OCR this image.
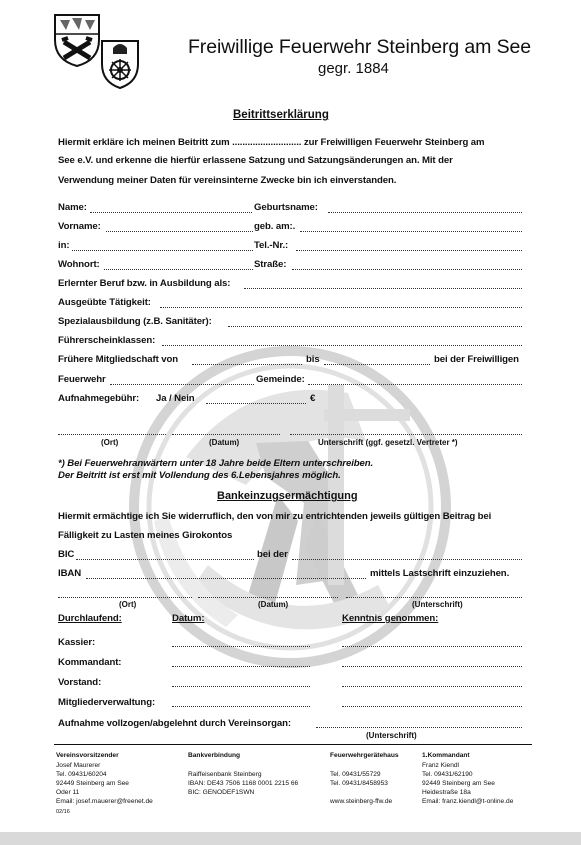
Freiwillige Feuerwehr Steinberg am See
gegr. 1884
Beitrittserklärung
Hiermit erkläre ich meinen Beitritt zum ........................... zur Freiwilligen Feuerwehr Steinberg am
See e.V. und erkenne die hierfür erlassene Satzung und Satzungsänderungen an. Mit der
Verwendung meiner Daten für vereinsinterne Zwecke bin ich einverstanden.
Name:	Geburtsname:
Vorname:	geb. am:.
in:	Tel.-Nr.:
Wohnort:	Straße:
Erlernter Beruf bzw. in Ausbildung als:
Ausgeübte Tätigkeit:
Spezialausbildung (z.B. Sanitäter):
Führerscheinklassen:
Frühere Mitgliedschaft von	bis	bei der Freiwilligen
Feuerwehr	Gemeinde:
Aufnahmegebühr: Ja / Nein	€
(Ort)	(Datum)	Unterschrift (ggf. gesetzl. Vertreter *)
*) Bei Feuerwehranwärtern unter 18 Jahre beide Eltern unterschreiben.
Der Beitritt ist erst mit Vollendung des 6.Lebensjahres möglich.
Bankeinzugsermächtigung
Hiermit ermächtige ich Sie widerruflich, den von mir zu entrichtenden jeweils gültigen Beitrag bei
Fälligkeit zu Lasten meines Girokontos
BIC	bei der
IBAN	mittels Lastschrift einzuziehen.
(Ort)	(Datum)	(Unterschrift)
Durchlaufend:	Datum:	Kenntnis genommen:
Kassier:
Kommandant:
Vorstand:
Mitgliederverwaltung:
Aufnahme vollzogen/abgelehnt durch Vereinsorgan:
(Unterschrift)
Vereinsvorsitzender
Josef Maurerer
Tel. 09431/60204
92449 Steinberg am See
Oder 11
Email: josef.mauerer@freenet.de
02/16
Bankverbindung
Raiffeisenbank Steinberg
IBAN: DE43 7506 1168 0001 2215 66
BIC: GENODEF1SWN
Feuerwehrgerätehaus
Tel. 09431/55729
Tel. 09431/8458953
www.steinberg-ffw.de
1.Kommandant
Franz Kiendl
Tel. 09431/62190
92449 Steinberg am See
Heidestraße 18a
Email: franz.kiendl@t-online.de
